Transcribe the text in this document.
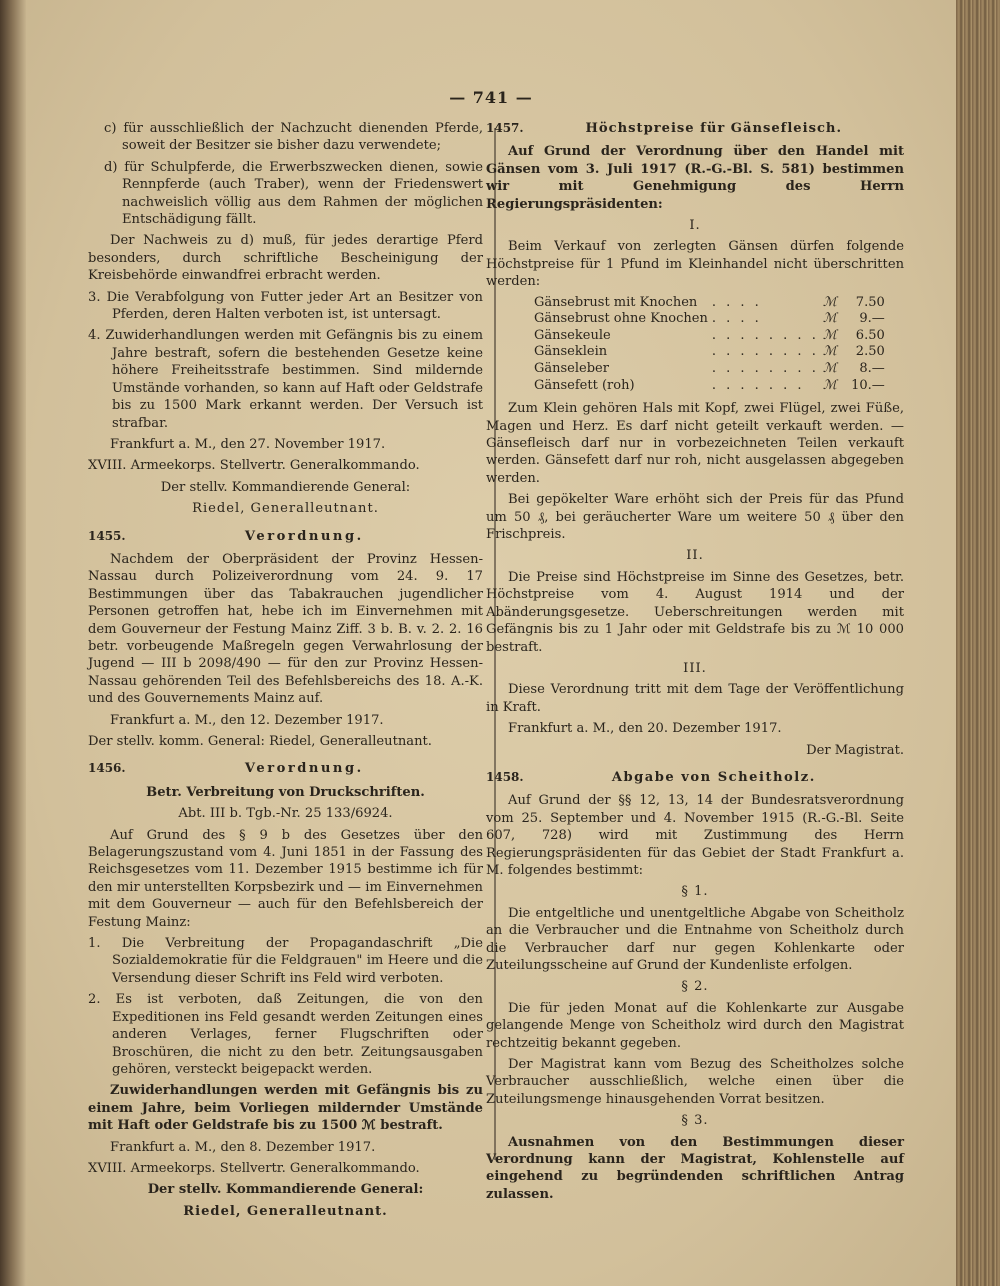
— 741 —

c) für ausschließlich der Nachzucht dienenden Pferde, soweit der Besitzer sie bisher dazu verwendete;

d) für Schulpferde, die Erwerbszwecken dienen, sowie Rennpferde (auch Traber), wenn der Friedenswert nachweislich völlig aus dem Rahmen der möglichen Entschädigung fällt.

Der Nachweis zu d) muß, für jedes derartige Pferd besonders, durch schriftliche Bescheinigung der Kreisbehörde einwandfrei erbracht werden.

3. Die Verabfolgung von Futter jeder Art an Besitzer von Pferden, deren Halten verboten ist, ist untersagt.

4. Zuwiderhandlungen werden mit Gefängnis bis zu einem Jahre bestraft, sofern die bestehenden Gesetze keine höhere Freiheitsstrafe bestimmen. Sind mildernde Umstände vorhanden, so kann auf Haft oder Geldstrafe bis zu 1500 Mark erkannt werden. Der Versuch ist strafbar.

Frankfurt a. M., den 27. November 1917.

XVIII. Armeekorps. Stellvertr. Generalkommando.

Der stellv. Kommandierende General:

Riedel, Generalleutnant.

1455.	Verordnung.

Nachdem der Oberpräsident der Provinz Hessen-Nassau durch Polizeiverordnung vom 24. 9. 17 Bestimmungen über das Tabakrauchen jugendlicher Personen getroffen hat, hebe ich im Einvernehmen mit dem Gouverneur der Festung Mainz Ziff. 3 b. B. v. 2. 2. 16 betr. vorbeugende Maßregeln gegen Verwahrlosung der Jugend — III b 2098/490 — für den zur Provinz Hessen-Nassau gehörenden Teil des Befehlsbereichs des 18. A.-K. und des Gouvernements Mainz auf.

Frankfurt a. M., den 12. Dezember 1917.

Der stellv. komm. General: Riedel, Generalleutnant.

1456.	Verordnung.

Betr. Verbreitung von Druckschriften.

Abt. III b. Tgb.-Nr. 25 133/6924.

Auf Grund des § 9 b des Gesetzes über den Belagerungszustand vom 4. Juni 1851 in der Fassung des Reichsgesetzes vom 11. Dezember 1915 bestimme ich für den mir unterstellten Korpsbezirk und — im Einvernehmen mit dem Gouverneur — auch für den Befehlsbereich der Festung Mainz:

1. Die Verbreitung der Propagandaschrift „Die Sozialdemokratie für die Feldgrauen" im Heere und die Versendung dieser Schrift ins Feld wird verboten.

2. Es ist verboten, daß Zeitungen, die von den Expeditionen ins Feld gesandt werden Zeitungen eines anderen Verlages, ferner Flugschriften oder Broschüren, die nicht zu den betr. Zeitungsausgaben gehören, versteckt beigepackt werden.

Zuwiderhandlungen werden mit Gefängnis bis zu einem Jahre, beim Vorliegen mildernder Umstände mit Haft oder Geldstrafe bis zu 1500 ℳ bestraft.

Frankfurt a. M., den 8. Dezember 1917.

XVIII. Armeekorps. Stellvertr. Generalkommando.

Der stellv. Kommandierende General:

Riedel, Generalleutnant.

1457.	Höchstpreise für Gänsefleisch.

Auf Grund der Verordnung über den Handel mit Gänsen vom 3. Juli 1917 (R.-G.-Bl. S. 581) bestimmen wir mit Genehmigung des Herrn Regierungspräsidenten:

I.

Beim Verkauf von zerlegten Gänsen dürfen folgende Höchstpreise für 1 Pfund im Kleinhandel nicht überschritten werden:

Gänsebrust mit Knochen	. . . .	ℳ	7.50
Gänsebrust ohne Knochen	. . . .	ℳ	9.—
Gänsekeule	. . . . . . . .	ℳ	6.50
Gänseklein	. . . . . . . .	ℳ	2.50
Gänseleber	. . . . . . . .	ℳ	8.—
Gänsefett (roh)	. . . . . . .	ℳ	10.—

Zum Klein gehören Hals mit Kopf, zwei Flügel, zwei Füße, Magen und Herz. Es darf nicht geteilt verkauft werden. — Gänsefleisch darf nur in vorbezeichneten Teilen verkauft werden. Gänsefett darf nur roh, nicht ausgelassen abgegeben werden.

Bei gepökelter Ware erhöht sich der Preis für das Pfund um 50 ₰, bei geräucherter Ware um weitere 50 ₰ über den Frischpreis.

II.

Die Preise sind Höchstpreise im Sinne des Gesetzes, betr. Höchstpreise vom 4. August 1914 und der Abänderungsgesetze. Ueberschreitungen werden mit Gefängnis bis zu 1 Jahr oder mit Geldstrafe bis zu ℳ 10 000 bestraft.

III.

Diese Verordnung tritt mit dem Tage der Veröffentlichung in Kraft.

Frankfurt a. M., den 20. Dezember 1917.

Der Magistrat.

1458.	Abgabe von Scheitholz.

Auf Grund der §§ 12, 13, 14 der Bundesratsverordnung vom 25. September und 4. November 1915 (R.-G.-Bl. Seite 607, 728) wird mit Zustimmung des Herrn Regierungspräsidenten für das Gebiet der Stadt Frankfurt a. M. folgendes bestimmt:

§ 1.

Die entgeltliche und unentgeltliche Abgabe von Scheitholz an die Verbraucher und die Entnahme von Scheitholz durch die Verbraucher darf nur gegen Kohlenkarte oder Zuteilungsscheine auf Grund der Kundenliste erfolgen.

§ 2.

Die für jeden Monat auf die Kohlenkarte zur Ausgabe gelangende Menge von Scheitholz wird durch den Magistrat rechtzeitig bekannt gegeben.

Der Magistrat kann vom Bezug des Scheitholzes solche Verbraucher ausschließlich, welche einen über die Zuteilungsmenge hinausgehenden Vorrat besitzen.

§ 3.

Ausnahmen von den Bestimmungen dieser Verordnung kann der Magistrat, Kohlenstelle auf eingehend zu begründenden schriftlichen Antrag zulassen.
